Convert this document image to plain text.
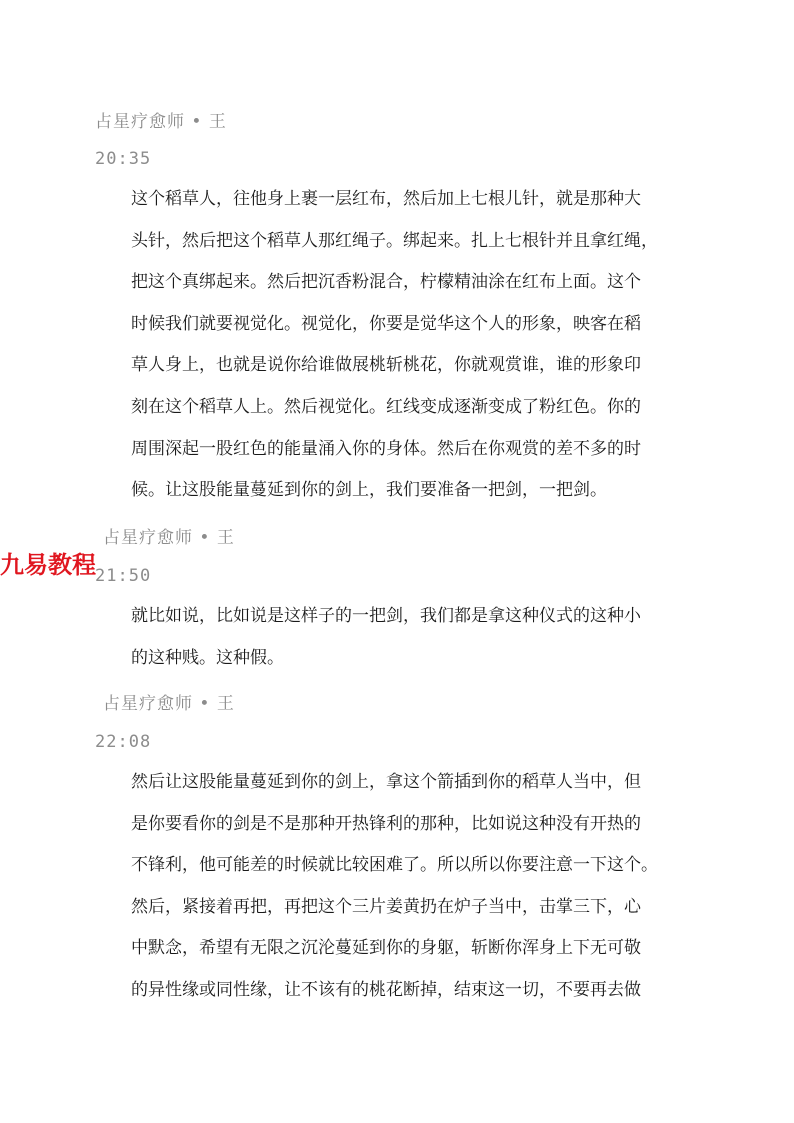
占星疗愈师 • 王
20:35
这个稻草人，往他身上裹一层红布，然后加上七根儿针，就是那种大
头针，然后把这个稻草人那红绳子。绑起来。扎上七根针并且拿红绳，
把这个真绑起来。然后把沉香粉混合，柠檬精油涂在红布上面。这个
时候我们就要视觉化。视觉化，你要是觉华这个人的形象，映客在稻
草人身上，也就是说你给谁做展桃斩桃花，你就观赏谁，谁的形象印
刻在这个稻草人上。然后视觉化。红线变成逐渐变成了粉红色。你的
周围深起一股红色的能量涌入你的身体。然后在你观赏的差不多的时
候。让这股能量蔓延到你的剑上，我们要准备一把剑，一把剑。
占星疗愈师 • 王
21:50
就比如说，比如说是这样子的一把剑，我们都是拿这种仪式的这种小
的这种贱。这种假。
占星疗愈师 • 王
22:08
然后让这股能量蔓延到你的剑上，拿这个箭插到你的稻草人当中，但
是你要看你的剑是不是那种开热锋利的那种，比如说这种没有开热的
不锋利，他可能差的时候就比较困难了。所以所以你要注意一下这个。
然后，紧接着再把，再把这个三片姜黄扔在炉子当中，击掌三下，心
中默念，希望有无限之沉沦蔓延到你的身躯，斩断你浑身上下无可敬
的异性缘或同性缘，让不该有的桃花断掉，结束这一切，不要再去做
九易教程
